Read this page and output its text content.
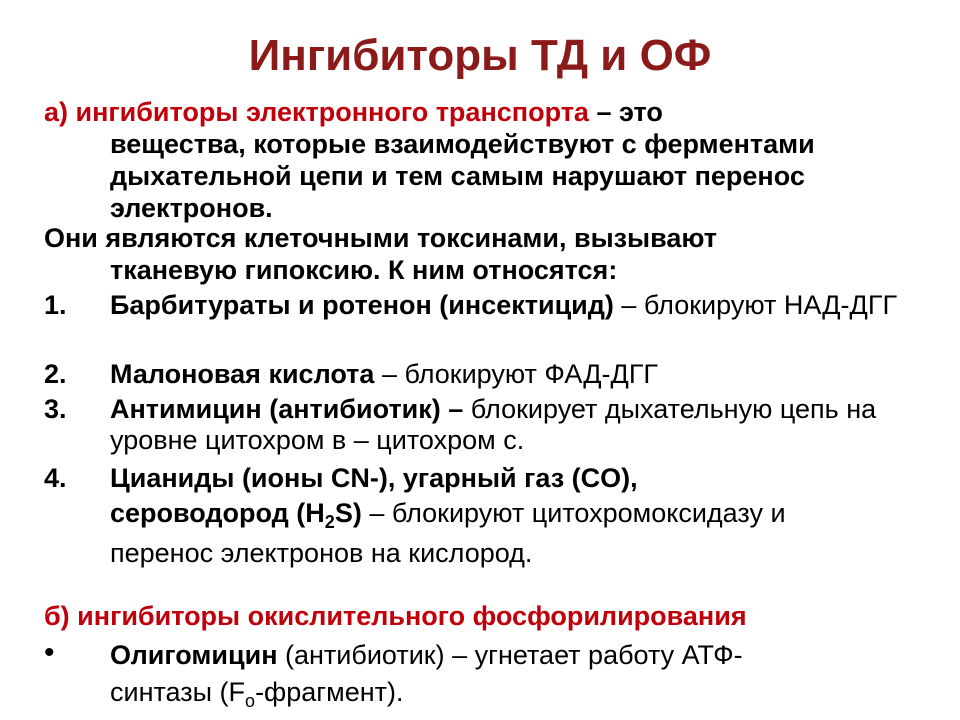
Ингибиторы ТД и ОФ
а) ингибиторы электронного транспорта – это
вещества, которые взаимодействуют с ферментами дыхательной цепи и тем самым нарушают перенос электронов.
Они являются клеточными токсинами, вызывают
тканевую гипоксию. К ним относятся:
1.	Барбитураты и ротенон (инсектицид) – блокируют НАД-ДГГ
2.	Малоновая кислота – блокируют ФАД-ДГГ
3.	Антимицин (антибиотик) – блокирует дыхательную цепь на уровне цитохром в – цитохром с.
4.	Цианиды (ионы CN-), угарный газ (CO),
сероводород $(H_2S)$ – блокируют цитохромоксидазу и
перенос электронов на кислород.
б) ингибиторы окислительного фосфорилирования
• Олигомицин (антибиотик) – угнетает работу АТФ-
синтазы $(F_о-фрагмент)$.
